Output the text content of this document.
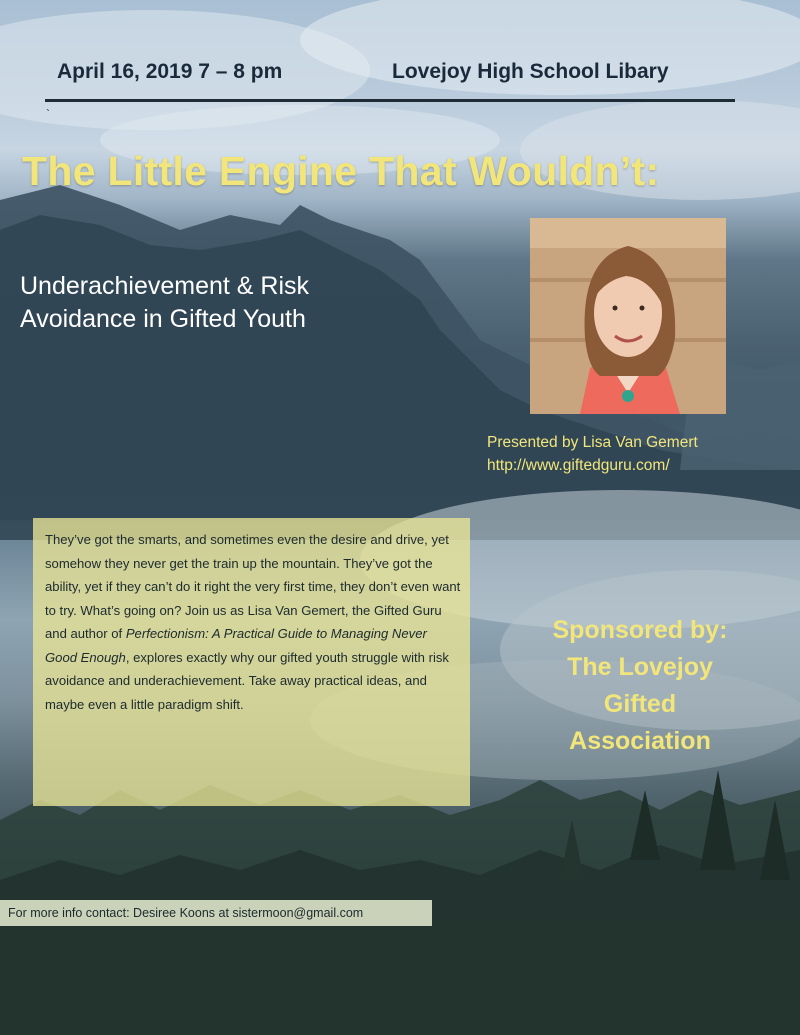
April 16, 2019 7 – 8 pm	Lovejoy High School Libary
`
The Little Engine That Wouldn’t:
Underachievement & Risk
Avoidance in Gifted Youth
Presented by Lisa Van Gemert
http://www.giftedguru.com/
They’ve got the smarts, and sometimes even the desire and drive, yet somehow they never get the train up the mountain. They’ve got the ability, yet if they can’t do it right the very first time, they don’t even want to try. What’s going on? Join us as Lisa Van Gemert, the Gifted Guru and author of Perfectionism: A Practical Guide to Managing Never Good Enough, explores exactly why our gifted youth struggle with risk avoidance and underachievement. Take away practical ideas, and maybe even a little paradigm shift.
Sponsored by:
The Lovejoy
Gifted
Association
For more info contact: Desiree Koons at sistermoon@gmail.com
